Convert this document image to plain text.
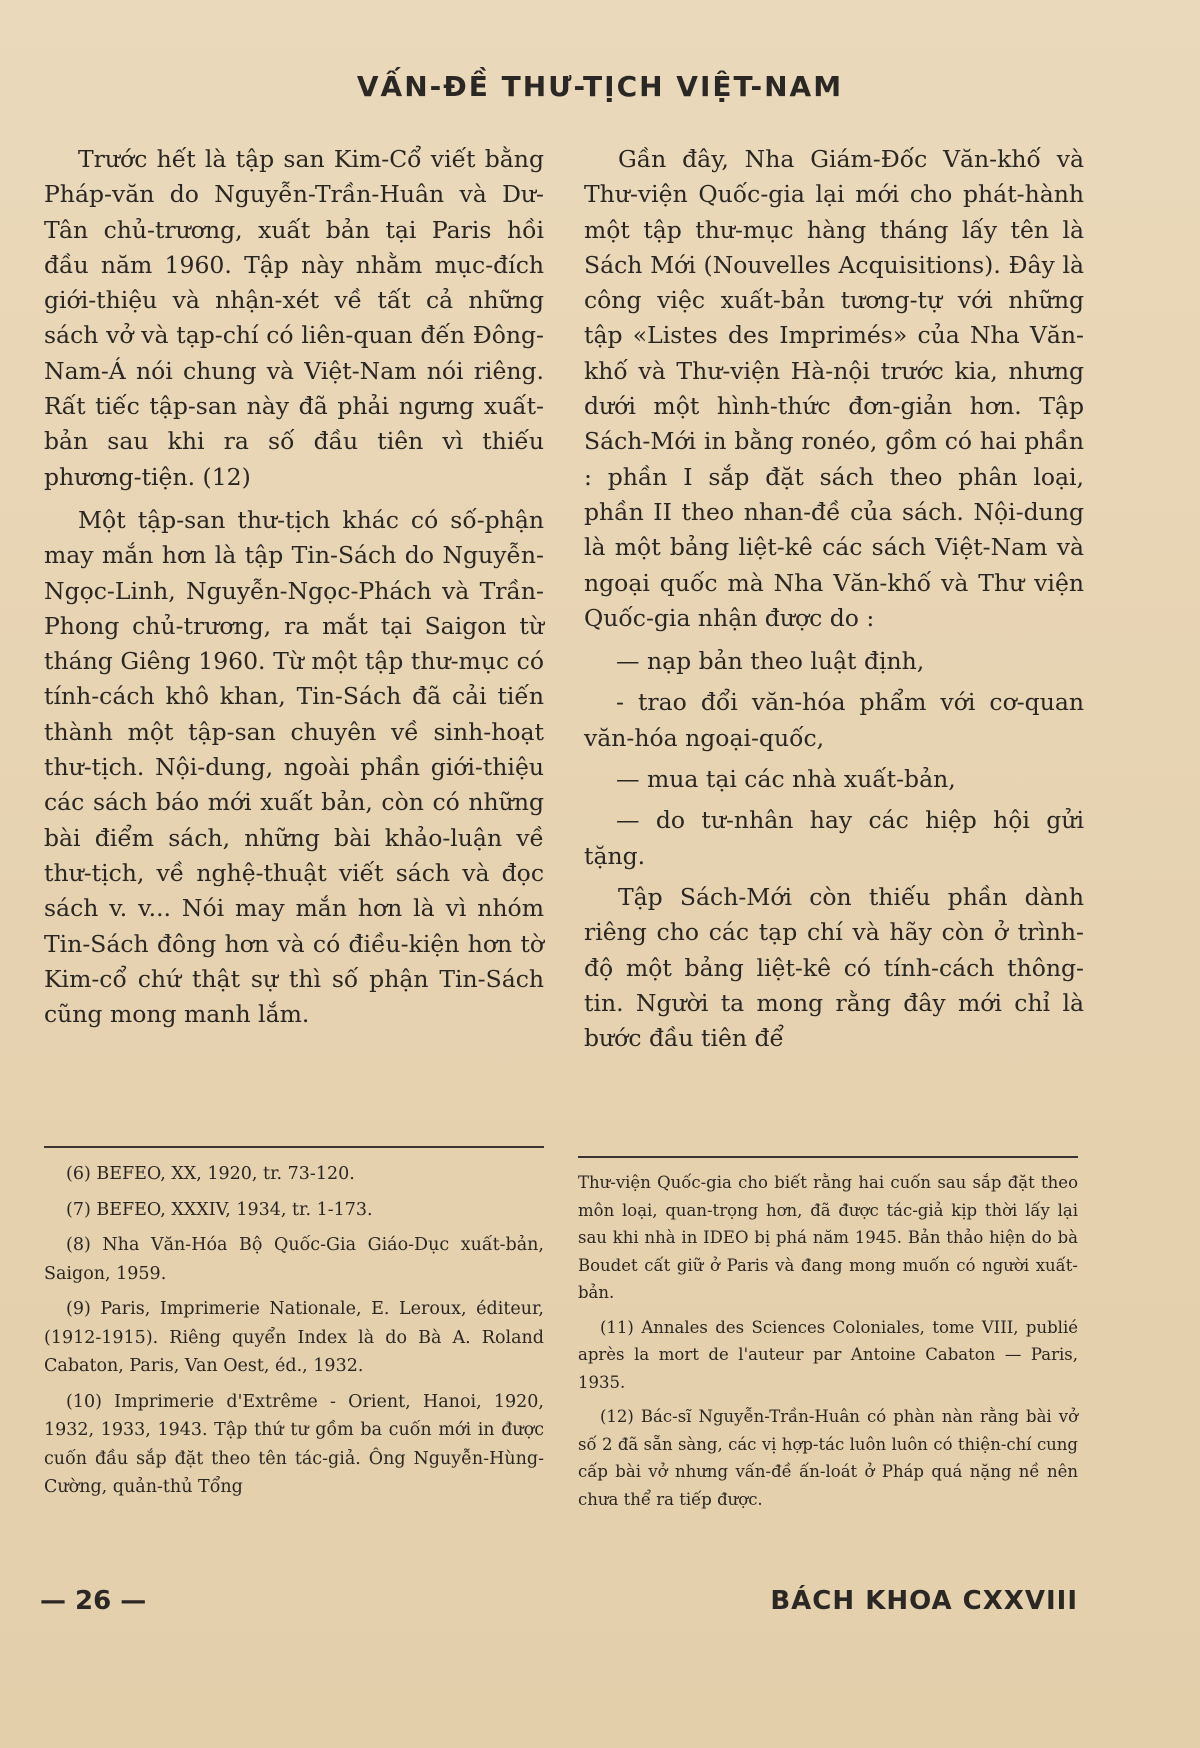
VẤN-ĐỀ THƯ-TỊCH VIỆT-NAM

Trước hết là tập san Kim-Cổ viết bằng Pháp-văn do Nguyễn-Trần-Huân và Dư-Tân chủ-trương, xuất bản tại Paris hồi đầu năm 1960. Tập này nhằm mục-đích giới-thiệu và nhận-xét về tất cả những sách vở và tạp-chí có liên-quan đến Đông-Nam-Á nói chung và Việt-Nam nói riêng. Rất tiếc tập-san này đã phải ngưng xuất-bản sau khi ra số đầu tiên vì thiếu phương-tiện. (12)

Một tập-san thư-tịch khác có số-phận may mắn hơn là tập Tin-Sách do Nguyễn-Ngọc-Linh, Nguyễn-Ngọc-Phách và Trần-Phong chủ-trương, ra mắt tại Saigon từ tháng Giêng 1960. Từ một tập thư-mục có tính-cách khô khan, Tin-Sách đã cải tiến thành một tập-san chuyên về sinh-hoạt thư-tịch. Nội-dung, ngoài phần giới-thiệu các sách báo mới xuất bản, còn có những bài điểm sách, những bài khảo-luận về thư-tịch, về nghệ-thuật viết sách và đọc sách v. v... Nói may mắn hơn là vì nhóm Tin-Sách đông hơn và có điều-kiện hơn tờ Kim-cổ chứ thật sự thì số phận Tin-Sách cũng mong manh lắm.

Gần đây, Nha Giám-Đốc Văn-khố và Thư-viện Quốc-gia lại mới cho phát-hành một tập thư-mục hàng tháng lấy tên là Sách Mới (Nouvelles Acquisitions). Đây là công việc xuất-bản tương-tự với những tập «Listes des Imprimés» của Nha Văn-khố và Thư-viện Hà-nội trước kia, nhưng dưới một hình-thức đơn-giản hơn. Tập Sách-Mới in bằng ronéo, gồm có hai phần : phần I sắp đặt sách theo phân loại, phần II theo nhan-đề của sách. Nội-dung là một bảng liệt-kê các sách Việt-Nam và ngoại quốc mà Nha Văn-khố và Thư viện Quốc-gia nhận được do :

— nạp bản theo luật định,

- trao đổi văn-hóa phẩm với cơ-quan văn-hóa ngoại-quốc,

— mua tại các nhà xuất-bản,

— do tư-nhân hay các hiệp hội gửi tặng.

Tập Sách-Mới còn thiếu phần dành riêng cho các tạp chí và hãy còn ở trình-độ một bảng liệt-kê có tính-cách thông-tin. Người ta mong rằng đây mới chỉ là bước đầu tiên để

(6) BEFEO, XX, 1920, tr. 73-120.

(7) BEFEO, XXXIV, 1934, tr. 1-173.

(8) Nha Văn-Hóa Bộ Quốc-Gia Giáo-Dục xuất-bản, Saigon, 1959.

(9) Paris, Imprimerie Nationale, E. Leroux, éditeur, (1912-1915). Riêng quyển Index là do Bà A. Roland Cabaton, Paris, Van Oest, éd., 1932.

(10) Imprimerie d'Extrême - Orient, Hanoi, 1920, 1932, 1933, 1943. Tập thứ tư gồm ba cuốn mới in được cuốn đầu sắp đặt theo tên tác-giả. Ông Nguyễn-Hùng-Cường, quản-thủ Tổng

Thư-viện Quốc-gia cho biết rằng hai cuốn sau sắp đặt theo môn loại, quan-trọng hơn, đã được tác-giả kịp thời lấy lại sau khi nhà in IDEO bị phá năm 1945. Bản thảo hiện do bà Boudet cất giữ ở Paris và đang mong muốn có người xuất-bản.

(11) Annales des Sciences Coloniales, tome VIII, publié après la mort de l'auteur par Antoine Cabaton — Paris, 1935.

(12) Bác-sĩ Nguyễn-Trần-Huân có phàn nàn rằng bài vở số 2 đã sẵn sàng, các vị hợp-tác luôn luôn có thiện-chí cung cấp bài vở nhưng vấn-đề ấn-loát ở Pháp quá nặng nề nên chưa thể ra tiếp được.

— 26 —	BÁCH KHOA CXXVIII
